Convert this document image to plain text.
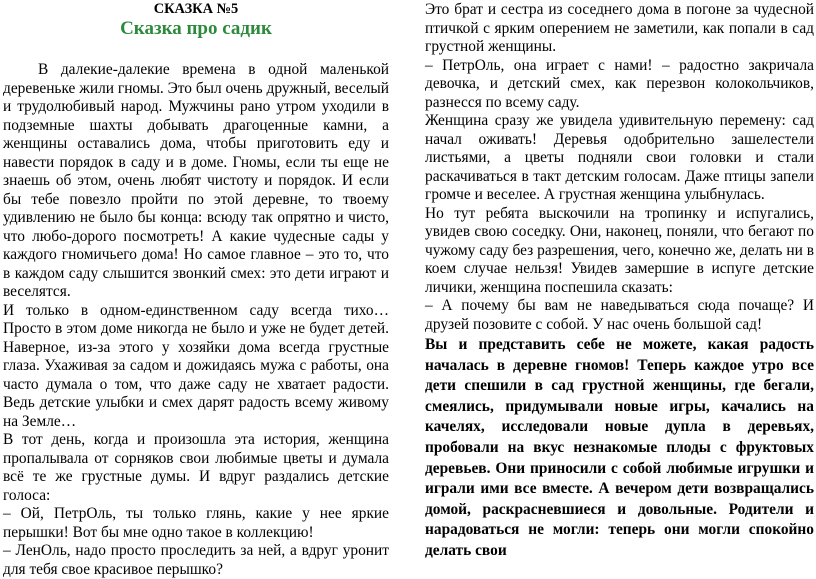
СКАЗКА №5
Сказка про садик

В далекие-далекие времена в одной маленькой деревеньке жили гномы. Это был очень дружный, веселый и трудолюбивый народ. Мужчины рано утром уходили в подземные шахты добывать драгоценные камни, а женщины оставались дома, чтобы приготовить еду и навести порядок в саду и в доме. Гномы, если ты еще не знаешь об этом, очень любят чистоту и порядок. И если бы тебе повезло пройти по этой деревне, то твоему удивлению не было бы конца: всюду так опрятно и чисто, что любо-дорого посмотреть! А какие чудесные сады у каждого гномичьего дома! Но самое главное – это то, что в каждом саду слышится звонкий смех: это дети играют и веселятся.

И только в одном-единственном саду всегда тихо… Просто в этом доме никогда не было и уже не будет детей. Наверное, из-за этого у хозяйки дома всегда грустные глаза. Ухаживая за садом и дожидаясь мужа с работы, она часто думала о том, что даже саду не хватает радости. Ведь детские улыбки и смех дарят радость всему живому на Земле…

В тот день, когда и произошла эта история, женщина пропалывала от сорняков свои любимые цветы и думала всё те же грустные думы. И вдруг раздались детские голоса:

– Ой, ПетрОль, ты только глянь, какие у нее яркие перышки! Вот бы мне одно такое в коллекцию!

– ЛенОль, надо просто проследить за ней, а вдруг уронит для тебя свое красивое перышко?

Это брат и сестра из соседнего дома в погоне за чудесной птичкой с ярким оперением не заметили, как попали в сад грустной женщины.

– ПетрОль, она играет с нами! – радостно закричала девочка, и детский смех, как перезвон колокольчиков, разнесся по всему саду.

Женщина сразу же увидела удивительную перемену: сад начал оживать! Деревья одобрительно зашелестели листьями, а цветы подняли свои головки и стали раскачиваться в такт детским голосам. Даже птицы запели громче и веселее. А грустная женщина улыбнулась.

Но тут ребята выскочили на тропинку и испугались, увидев свою соседку. Они, наконец, поняли, что бегают по чужому саду без разрешения, чего, конечно же, делать ни в коем случае нельзя! Увидев замершие в испуге детские личики, женщина поспешила сказать:

– А почему бы вам не наведываться сюда почаще? И друзей позовите с собой. У нас очень большой сад!

Вы и представить себе не можете, какая радость началась в деревне гномов! Теперь каждое утро все дети спешили в сад грустной женщины, где бегали, смеялись, придумывали новые игры, качались на качелях, исследовали новые дупла в деревьях, пробовали на вкус незнакомые плоды с фруктовых деревьев. Они приносили с собой любимые игрушки и играли ими все вместе. А вечером дети возвращались домой, раскрасневшиеся и довольные. Родители и нарадоваться не могли: теперь они могли спокойно делать свои
